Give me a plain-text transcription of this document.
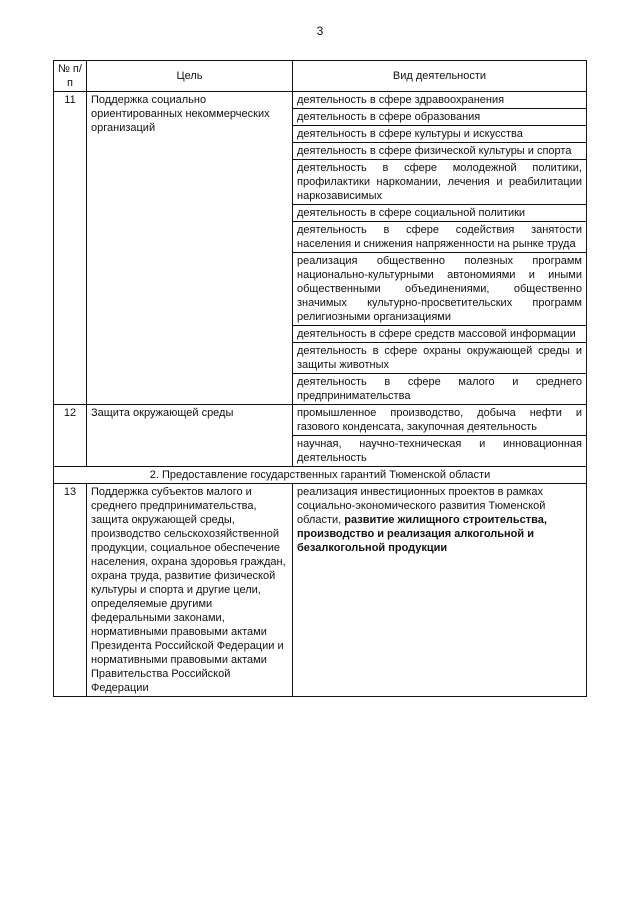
3
№ п/п	Цель	Вид деятельности
11	Поддержка социально ориентированных некоммерческих организаций	деятельность в сфере здравоохранения
		деятельность в сфере образования
		деятельность в сфере культуры и искусства
		деятельность в сфере физической культуры и спорта
		деятельность в сфере молодежной политики, профилактики наркомании, лечения и реабилитации наркозависимых
		деятельность в сфере социальной политики
		деятельность в сфере содействия занятости населения и снижения напряженности на рынке труда
		реализация общественно полезных программ национально-культурными автономиями и иными общественными объединениями, общественно значимых культурно-просветительских программ религиозными организациями
		деятельность в сфере средств массовой информации
		деятельность в сфере охраны окружающей среды и защиты животных
		деятельность в сфере малого и среднего предпринимательства
12	Защита окружающей среды	промышленное производство, добыча нефти и газового конденсата, закупочная деятельность
		научная, научно-техническая и инновационная деятельность
2. Предоставление государственных гарантий Тюменской области		
13	Поддержка субъектов малого и среднего предпринимательства, защита окружающей среды, производство сельскохозяйственной продукции, социальное обеспечение населения, охрана здоровья граждан, охрана труда, развитие физической культуры и спорта и другие цели, определяемые другими федеральными законами, нормативными правовыми актами Президента Российской Федерации и нормативными правовыми актами Правительства Российской Федерации	реализация инвестиционных проектов в рамках социально-экономического развития Тюменской области, развитие жилищного строительства, производство и реализация алкогольной и безалкогольной продукции
